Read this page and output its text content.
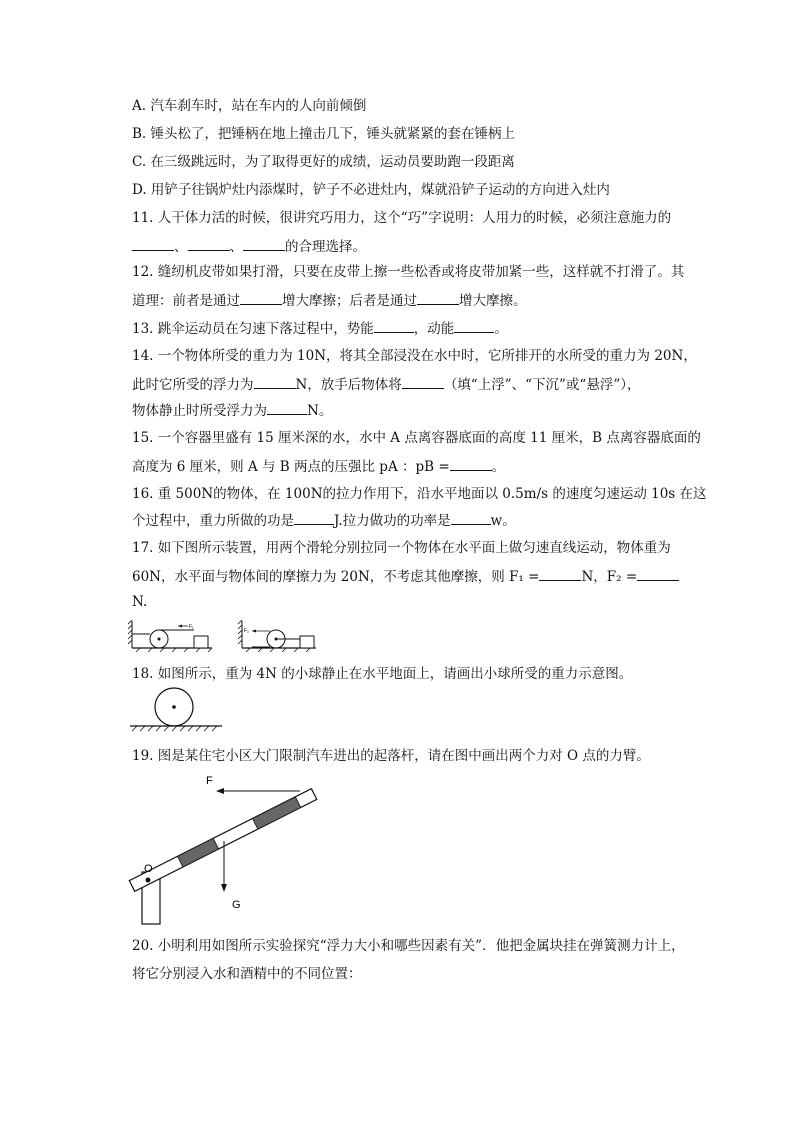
A. 汽车刹车时，站在车内的人向前倾倒
B. 锤头松了，把锤柄在地上撞击几下，锤头就紧紧的套在锤柄上
C. 在三级跳远时，为了取得更好的成绩，运动员要助跑一段距离
D. 用铲子往锅炉灶内添煤时，铲子不必进灶内，煤就沿铲子运动的方向进入灶内
11. 人干体力活的时候，很讲究巧用力，这个“巧”字说明：人用力的时候，必须注意施力的
、	、	的合理选择。
12. 缝纫机皮带如果打滑，只要在皮带上擦一些松香或将皮带加紧一些，这样就不打滑了。其
道理：前者是通过	增大摩擦；后者是通过	增大摩擦。
13. 跳伞运动员在匀速下落过程中，势能	，动能	。
14. 一个物体所受的重力为 10N，将其全部浸没在水中时，它所排开的水所受的重力为 20N，
此时它所受的浮力为	N，放手后物体将	（填“上浮”、“下沉”或“悬浮”），
物体静止时所受浮力为	N。
15. 一个容器里盛有 15 厘米深的水，水中 A 点离容器底面的高度 11 厘米，B 点离容器底面的
高度为 6 厘米，则 A 与 B 两点的压强比 pA ：pB =	。
16. 重 500N的物体，在 100N的拉力作用下，沿水平地面以 0.5m/s 的速度匀速运动 10s 在这
个过程中，重力所做的功是	J.拉力做功的功率是	w。
17. 如下图所示装置，用两个滑轮分别拉同一个物体在水平面上做匀速直线运动，物体重为
60N，水平面与物体间的摩擦力为 20N，不考虑其他摩擦，则 F₁ =	N，F₂ =
N.
F₁
F₂
18. 如图所示，重为 4N 的小球静止在水平地面上，请画出小球所受的重力示意图。
19. 图是某住宅小区大门限制汽车进出的起落杆，请在图中画出两个力对 O 点的力臂。
O
F
G
20. 小明利用如图所示实验探究“浮力大小和哪些因素有关”．他把金属块挂在弹簧测力计上，
将它分别浸入水和酒精中的不同位置：
